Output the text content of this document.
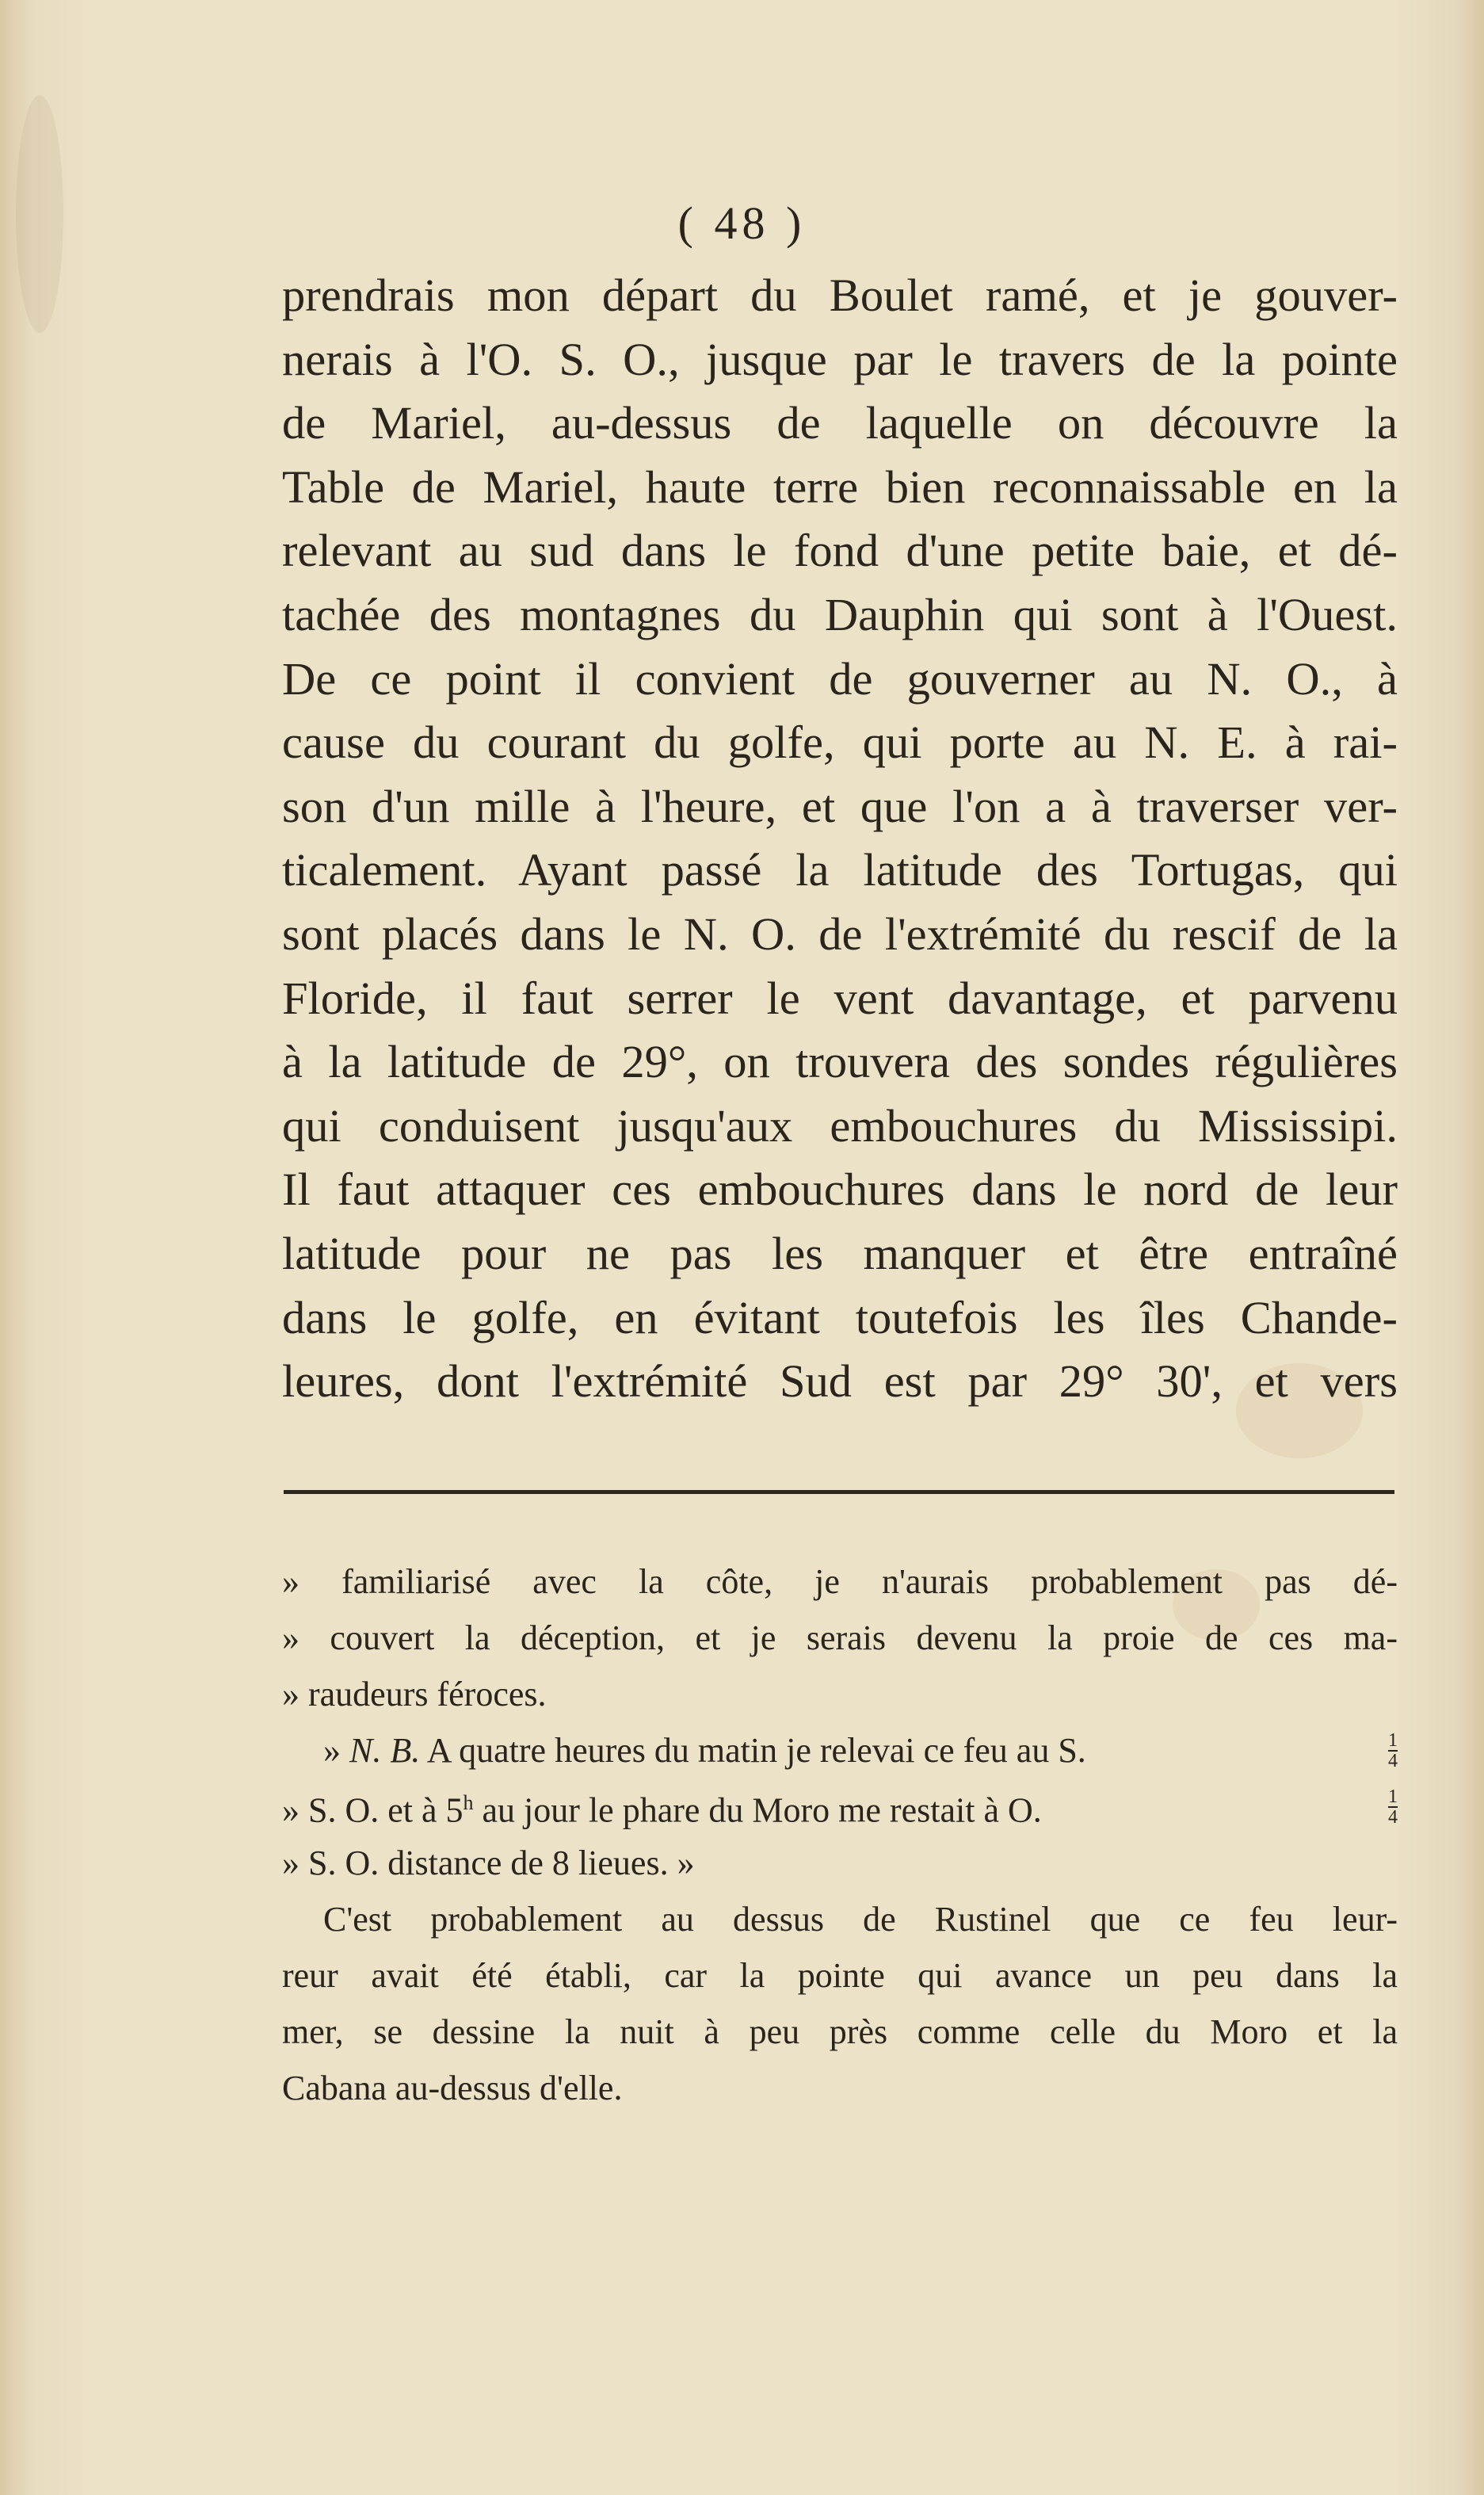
( 48 )
prendrais mon départ du Boulet ramé, et je gouver-
nerais à l'O. S. O., jusque par le travers de la pointe
de Mariel, au-dessus de laquelle on découvre la
Table de Mariel, haute terre bien reconnaissable en la
relevant au sud dans le fond d'une petite baie, et dé-
tachée des montagnes du Dauphin qui sont à l'Ouest.
De ce point il convient de gouverner au N. O., à
cause du courant du golfe, qui porte au N. E. à rai-
son d'un mille à l'heure, et que l'on a à traverser ver-
ticalement. Ayant passé la latitude des Tortugas, qui
sont placés dans le N. O. de l'extrémité du rescif de la
Floride, il faut serrer le vent davantage, et parvenu
à la latitude de 29°, on trouvera des sondes régulières
qui conduisent jusqu'aux embouchures du Mississipi.
Il faut attaquer ces embouchures dans le nord de leur
latitude pour ne pas les manquer et être entraîné
dans le golfe, en évitant toutefois les îles Chande-
leures, dont l'extrémité Sud est par 29° 30', et vers
» familiarisé avec la côte, je n'aurais probablement pas dé-
» couvert la déception, et je serais devenu la proie de ces ma-
» raudeurs féroces.
» N. B. A quatre heures du matin je relevai ce feu au S.	$\frac{1}{4}$
» S. O. et à 5$^h$ au jour le phare du Moro me restait à O.	$\frac{1}{4}$
» S. O. distance de 8 lieues. »
C'est probablement au dessus de Rustinel que ce feu leur-
reur avait été établi, car la pointe qui avance un peu dans la
mer, se dessine la nuit à peu près comme celle du Moro et la
Cabana au-dessus d'elle.
